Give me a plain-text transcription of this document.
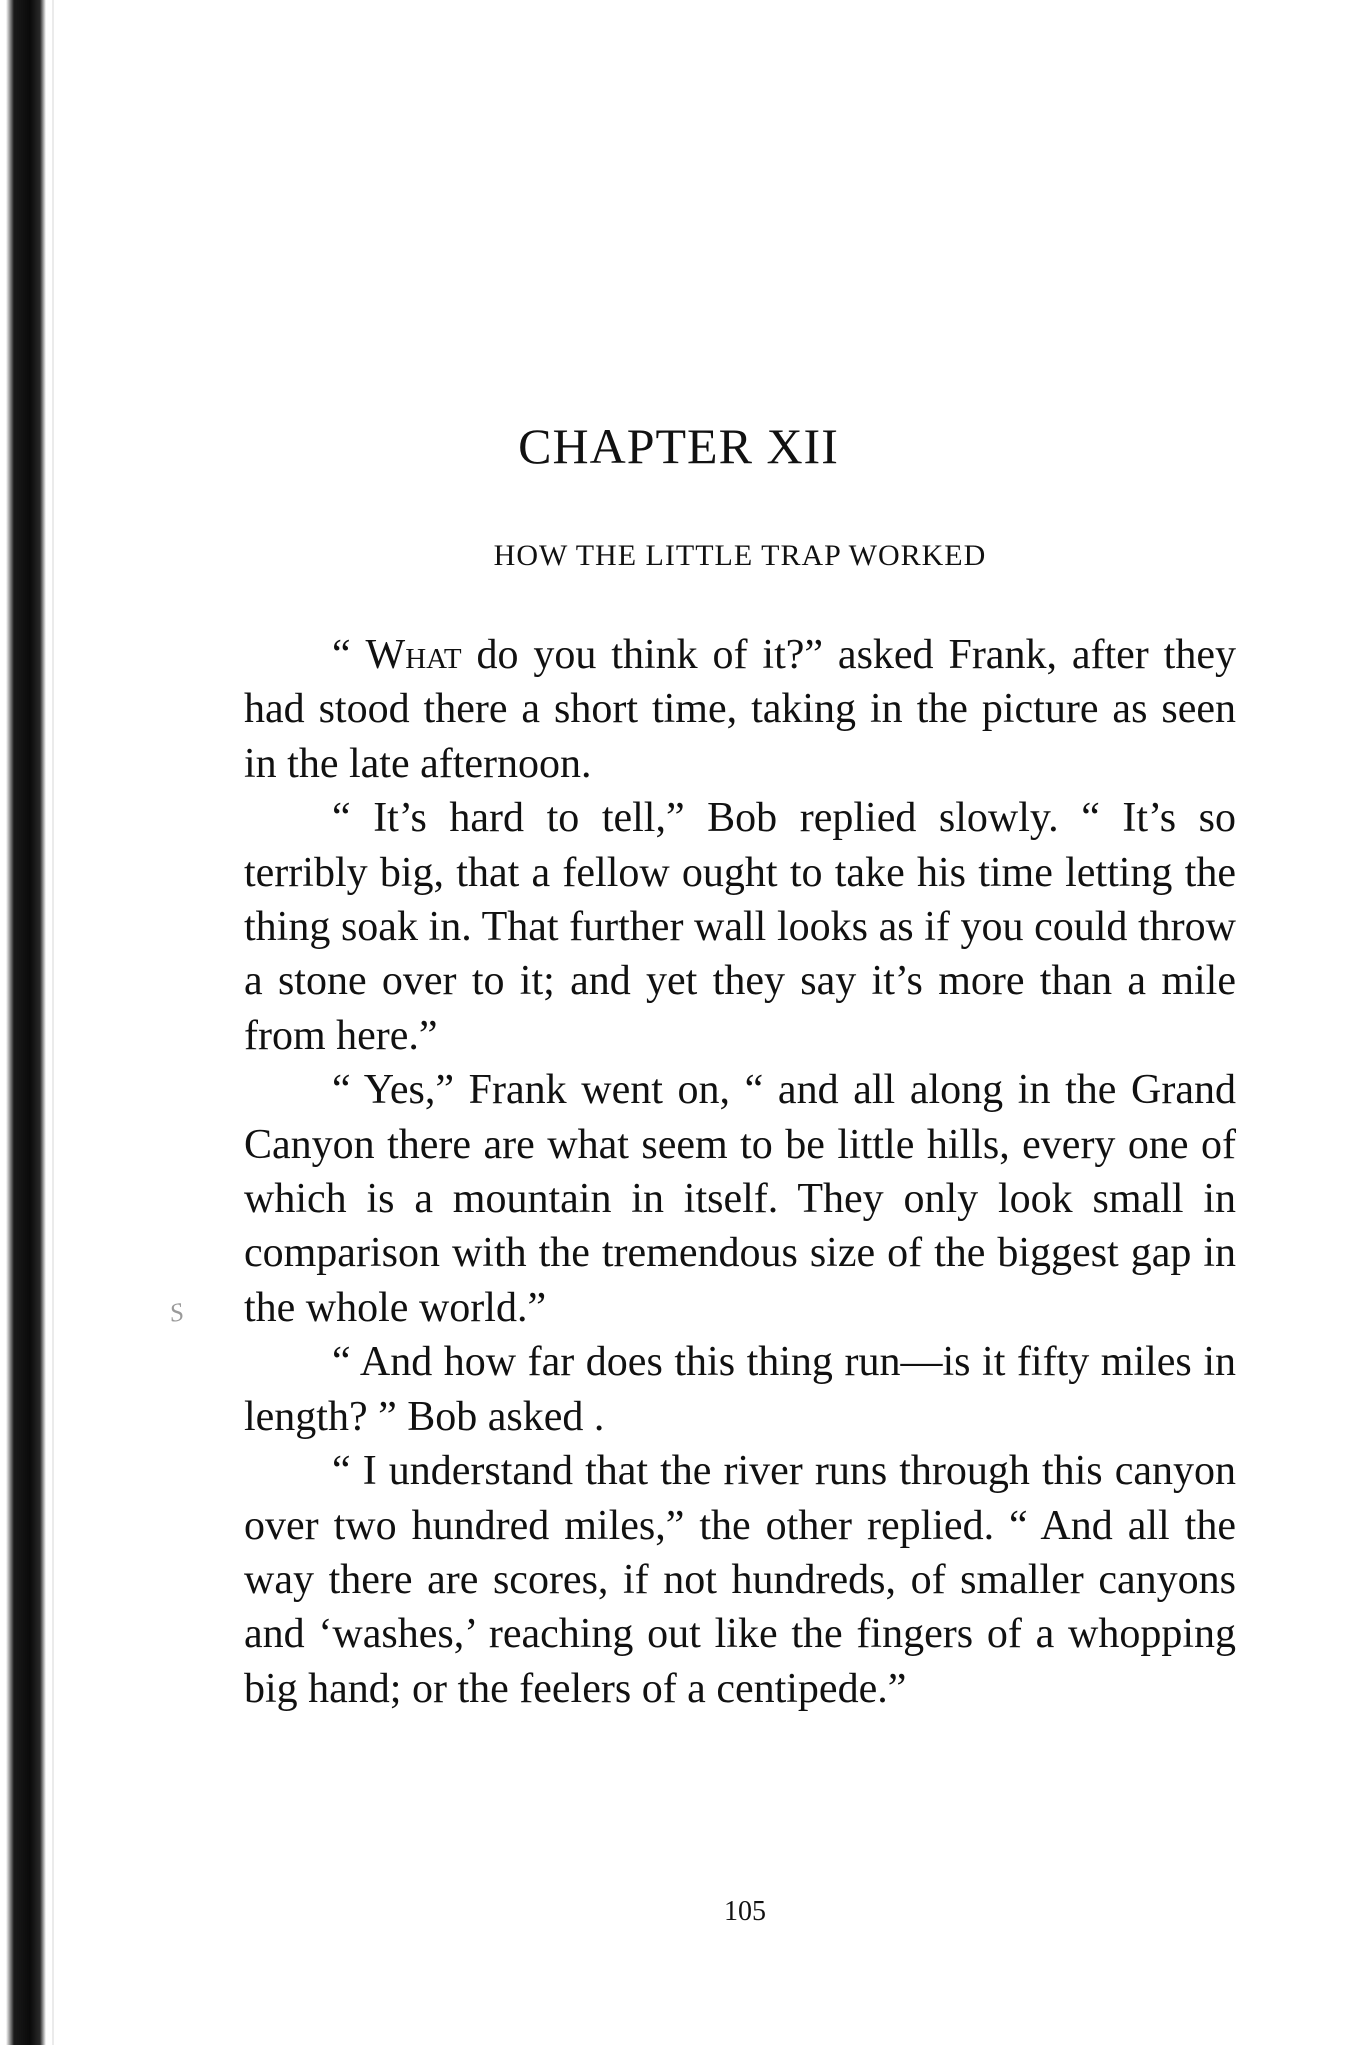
CHAPTER XII
HOW THE LITTLE TRAP WORKED

“ What do you think of it?” asked Frank, after they had stood there a short time, taking in the picture as seen in the late afternoon.

“ It’s hard to tell,” Bob replied slowly. “ It’s so terribly big, that a fellow ought to take his time letting the thing soak in. That further wall looks as if you could throw a stone over to it; and yet they say it’s more than a mile from here.”

“ Yes,” Frank went on, “ and all along in the Grand Canyon there are what seem to be little hills, every one of which is a mountain in itself. They only look small in comparison with the tremendous size of the biggest gap in the whole world.”

“ And how far does this thing run—is it fifty miles in length? ” Bob asked .

“ I understand that the river runs through this canyon over two hundred miles,” the other replied. “ And all the way there are scores, if not hundreds, of smaller canyons and ‘washes,’ reaching out like the fingers of a whopping big hand; or the feelers of a centipede.”

S
105
